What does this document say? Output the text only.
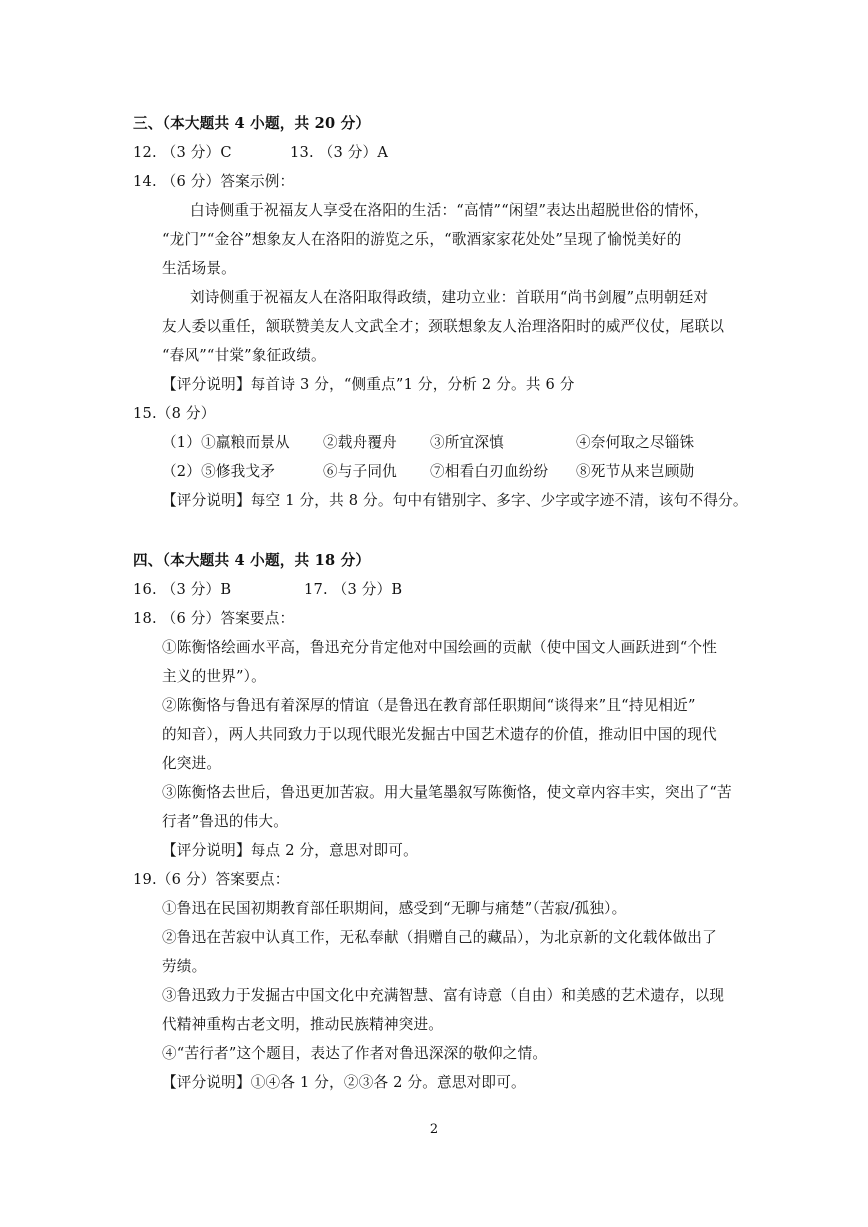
三、（本大题共 4 小题，共 20 分）
12. （3 分）C	13. （3 分）A
14. （6 分）答案示例：
白诗侧重于祝福友人享受在洛阳的生活：“高情”“闲望”表达出超脱世俗的情怀，
“龙门”“金谷”想象友人在洛阳的游览之乐，“歌酒家家花处处”呈现了愉悦美好的
生活场景。
刘诗侧重于祝福友人在洛阳取得政绩，建功立业：首联用“尚书剑履”点明朝廷对
友人委以重任，颔联赞美友人文武全才；颈联想象友人治理洛阳时的威严仪仗，尾联以
“春风”“甘棠”象征政绩。
【评分说明】每首诗 3 分，“侧重点”1 分，分析 2 分。共 6 分
15.（8 分）
（1）①羸粮而景从 ②载舟覆舟 ③所宜深慎	④奈何取之尽锱铢
（2）⑤修我戈矛	⑥与子同仇 ⑦相看白刃血纷纷 ⑧死节从来岂顾勋
【评分说明】每空 1 分，共 8 分。句中有错别字、多字、少字或字迹不清，该句不得分。
四、（本大题共 4 小题，共 18 分）
16. （3 分）B	17. （3 分）B
18. （6 分）答案要点：
①陈衡恪绘画水平高，鲁迅充分肯定他对中国绘画的贡献（使中国文人画跃进到“个性
主义的世界”）。
②陈衡恪与鲁迅有着深厚的情谊（是鲁迅在教育部任职期间“谈得来”且“持见相近”
的知音），两人共同致力于以现代眼光发掘古中国艺术遗存的价值，推动旧中国的现代
化突进。
③陈衡恪去世后，鲁迅更加苦寂。用大量笔墨叙写陈衡恪，使文章内容丰实，突出了“苦
行者”鲁迅的伟大。
【评分说明】每点 2 分，意思对即可。
19.（6 分）答案要点：
①鲁迅在民国初期教育部任职期间，感受到“无聊与痛楚”（苦寂/孤独）。
②鲁迅在苦寂中认真工作，无私奉献（捐赠自己的藏品），为北京新的文化载体做出了
劳绩。
③鲁迅致力于发掘古中国文化中充满智慧、富有诗意（自由）和美感的艺术遗存，以现
代精神重构古老文明，推动民族精神突进。
④“苦行者”这个题目，表达了作者对鲁迅深深的敬仰之情。
【评分说明】①④各 1 分，②③各 2 分。意思对即可。
2
